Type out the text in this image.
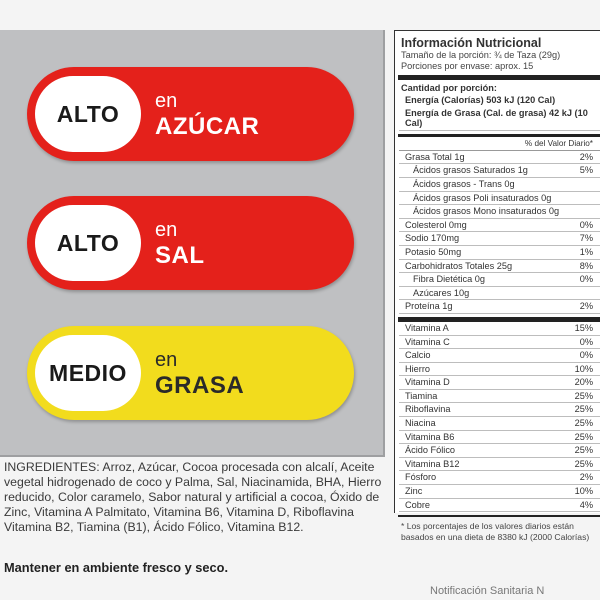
ALTO en
AZÚCAR
ALTO en
SAL
MEDIO en
GRASA
INGREDIENTES: Arroz, Azúcar, Cocoa procesada con alcalí, Aceite vegetal hidrogenado de coco y Palma, Sal, Niacinamida, BHA, Hierro reducido, Color caramelo, Sabor natural y artificial a cocoa, Óxido de Zinc, Vitamina A Palmitato, Vitamina B6, Vitamina D, Riboflavina Vitamina B2, Tiamina (B1), Ácido Fólico, Vitamina B12.
Mantener en ambiente fresco y seco.
Notificación Sanitaria N
Información Nutricional
Tamaño de la porción: ¾ de Taza (29g)
Porciones por envase: aprox. 15
Cantidad por porción:
Energía (Calorías) 503 kJ (120 Cal)
Energía de Grasa (Cal. de grasa) 42 kJ (10 Cal)
% del Valor Diario*
Grasa Total 1g	2%
Ácidos grasos Saturados 1g	5%
Ácidos grasos - Trans 0g
Ácidos grasos Poli insaturados 0g
Ácidos grasos Mono insaturados 0g
Colesterol 0mg	0%
Sodio 170mg	7%
Potasio 50mg	1%
Carbohidratos Totales 25g	8%
Fibra Dietética 0g	0%
Azúcares 10g
Proteína 1g	2%
Vitamina A	15%
Vitamina C	0%
Calcio	0%
Hierro	10%
Vitamina D	20%
Tiamina	25%
Riboflavina	25%
Niacina	25%
Vitamina B6	25%
Ácido Fólico	25%
Vitamina B12	25%
Fósforo	2%
Zinc	10%
Cobre	4%
* Los porcentajes de los valores diarios están basados en una dieta de 8380 kJ (2000 Calorías)
